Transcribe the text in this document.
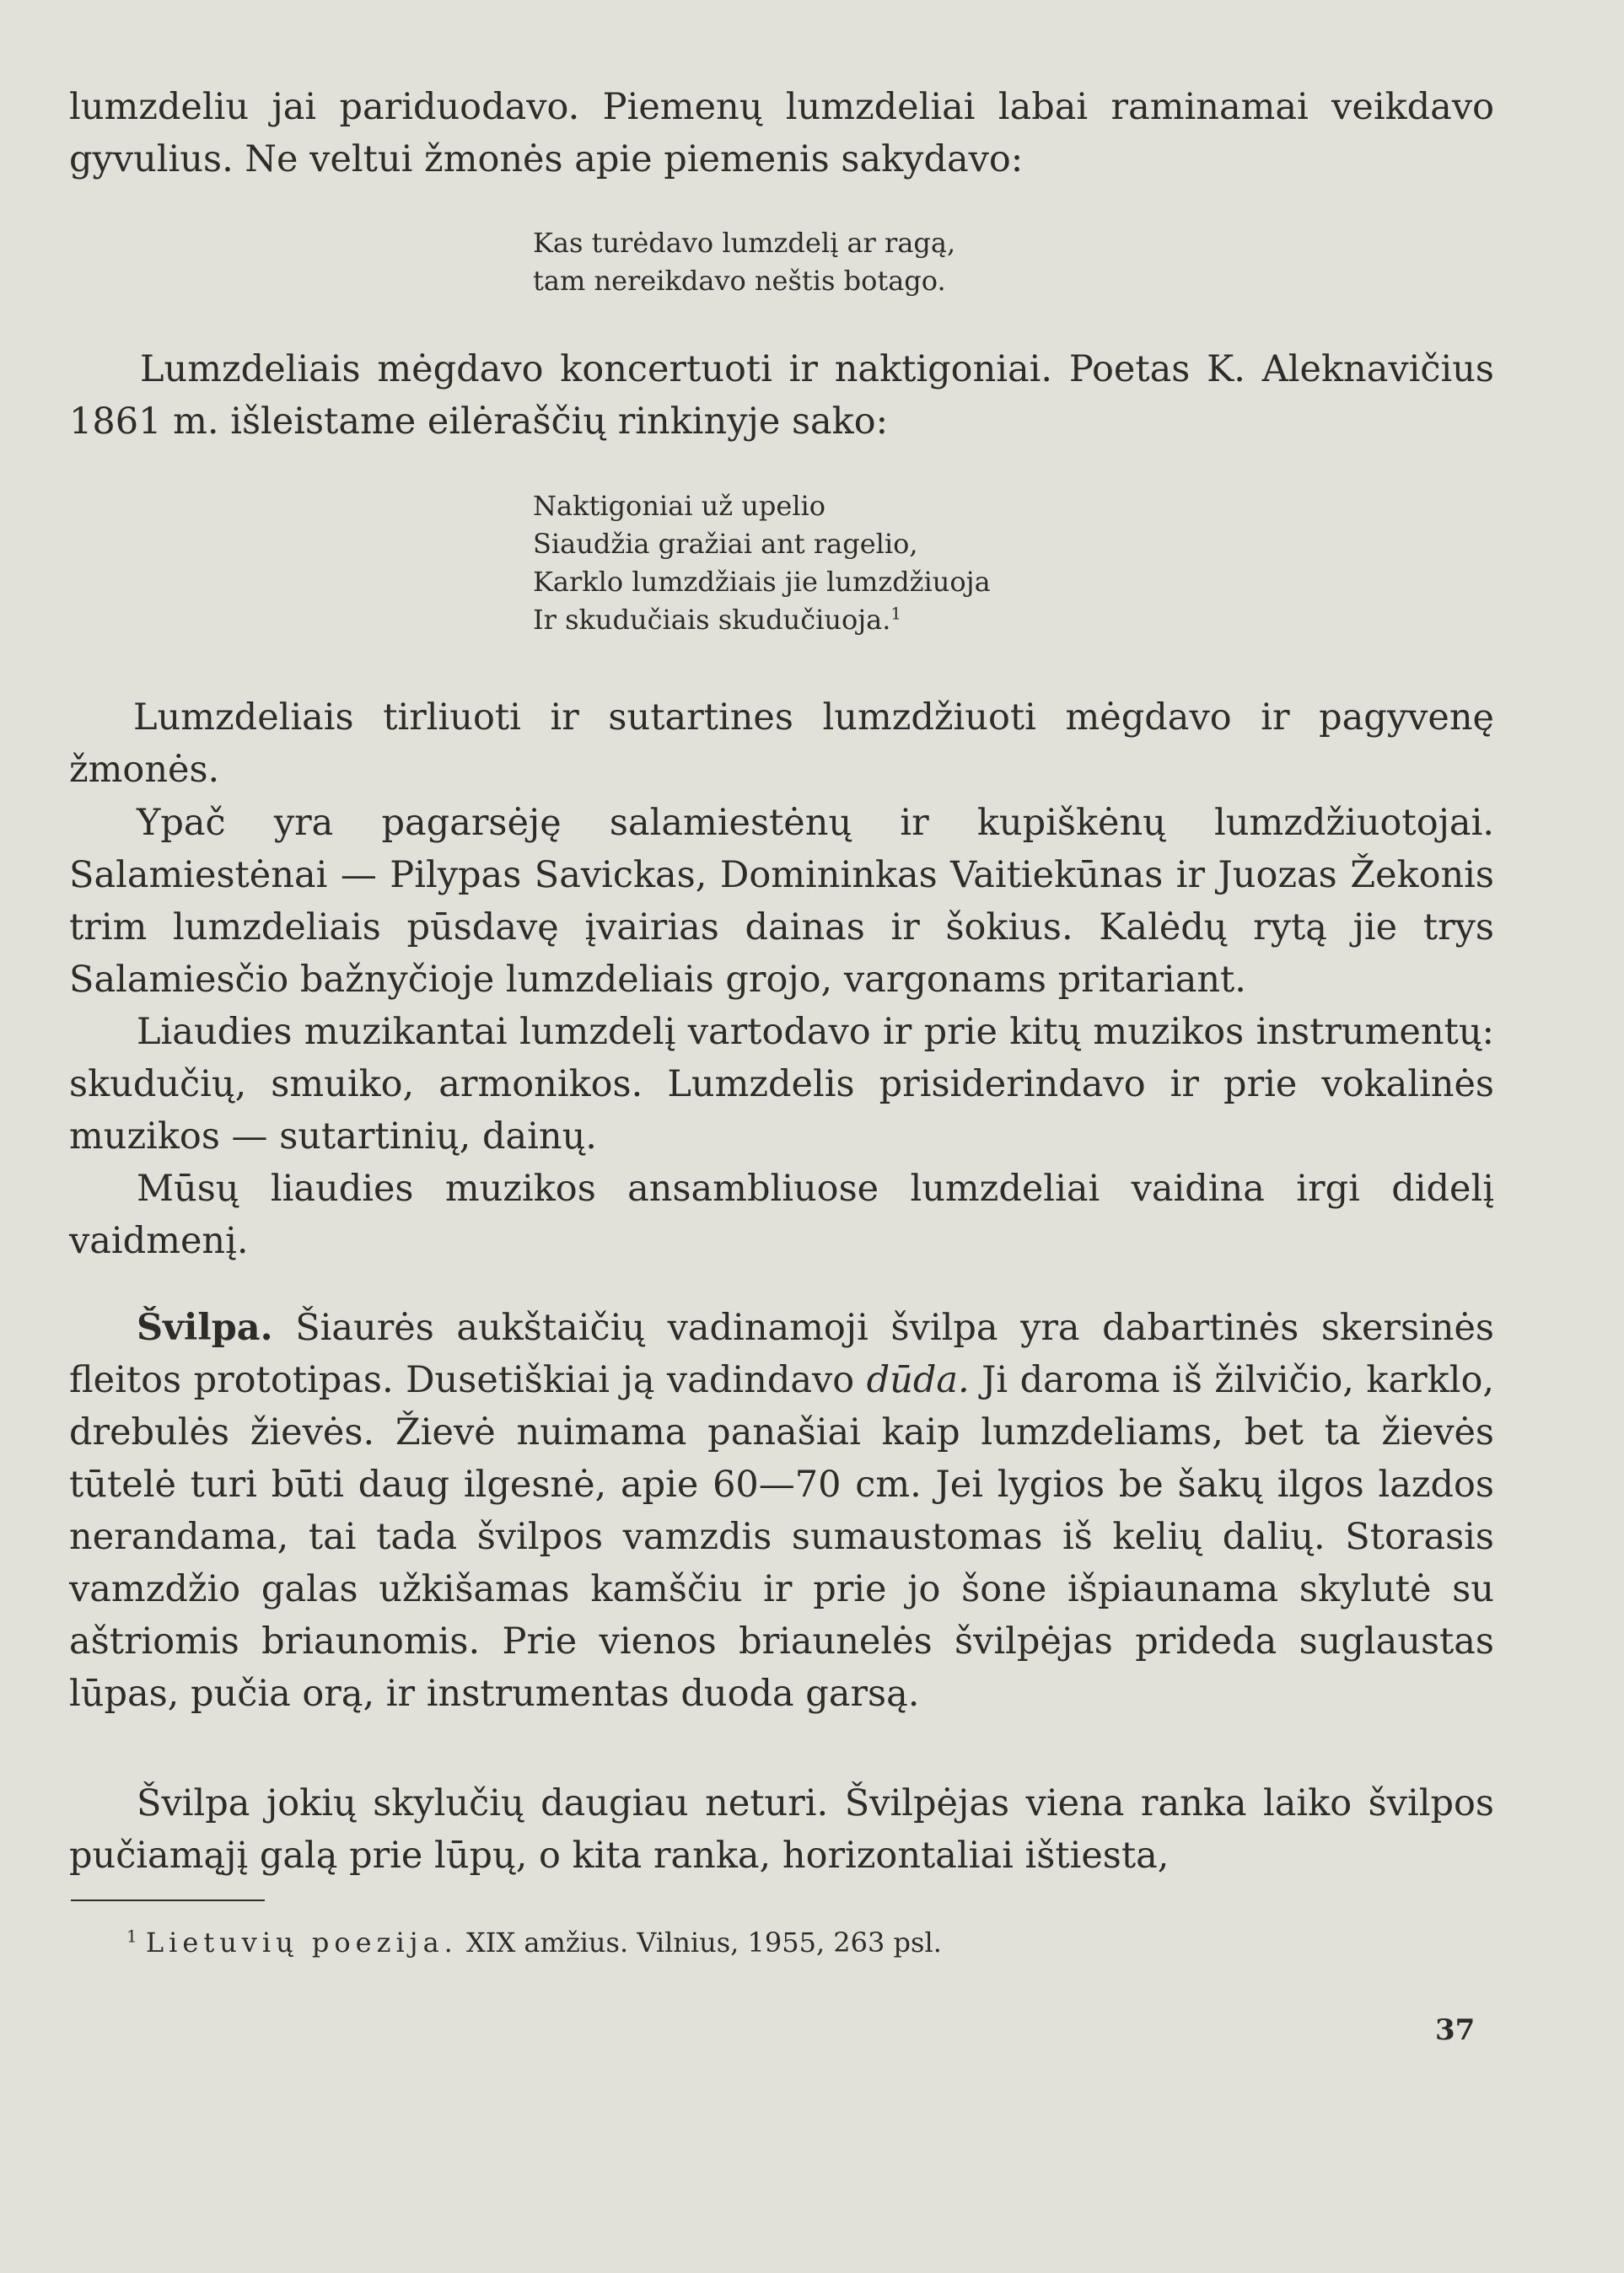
lumzdeliu jai pariduodavo. Piemenų lumzdeliai labai raminamai veikdavo gyvulius. Ne veltui žmonės apie piemenis sakydavo:

Kas turėdavo lumzdelį ar ragą,
tam nereikdavo neštis botago.

Lumzdeliais mėgdavo koncertuoti ir naktigoniai. Poetas K. Aleknavičius 1861 m. išleistame eilėraščių rinkinyje sako:

Naktigoniai už upelio
Siaudžia gražiai ant ragelio,
Karklo lumzdžiais jie lumzdžiuoja
Ir skudučiais skudučiuoja.$^1$

Lumzdeliais tirliuoti ir sutartines lumzdžiuoti mėgdavo ir pagyvenę žmonės.

Ypač yra pagarsėję salamiestėnų ir kupiškėnų lumzdžiuotojai. Salamiestėnai — Pilypas Savickas, Domininkas Vaitiekūnas ir Juozas Žekonis trim lumzdeliais pūsdavę įvairias dainas ir šokius. Kalėdų rytą jie trys Salamiesčio bažnyčioje lumzdeliais grojo, vargonams pritariant.

Liaudies muzikantai lumzdelį vartodavo ir prie kitų muzikos instrumentų: skudučių, smuiko, armonikos. Lumzdelis prisiderindavo ir prie vokalinės muzikos — sutartinių, dainų.

Mūsų liaudies muzikos ansambliuose lumzdeliai vaidina irgi didelį vaidmenį.

Švilpa. Šiaurės aukštaičių vadinamoji švilpa yra dabartinės skersinės fleitos prototipas. Dusetiškiai ją vadindavo dūda. Ji daroma iš žilvičio, karklo, drebulės žievės. Žievė nuimama panašiai kaip lumzdeliams, bet ta žievės tūtelė turi būti daug ilgesnė, apie 60—70 cm. Jei lygios be šakų ilgos lazdos nerandama, tai tada švilpos vamzdis sumaustomas iš kelių dalių. Storasis vamzdžio galas užkišamas kamščiu ir prie jo šone išpiaunama skylutė su aštriomis briaunomis. Prie vienos briaunelės švilpėjas prideda suglaustas lūpas, pučia orą, ir instrumentas duoda garsą.

Švilpa jokių skylučių daugiau neturi. Švilpėjas viena ranka laiko švilpos pučiamąjį galą prie lūpų, o kita ranka, horizontaliai ištiesta,

$^1$ Lietuvių poezija. XIX amžius. Vilnius, 1955, 263 psl.
37
